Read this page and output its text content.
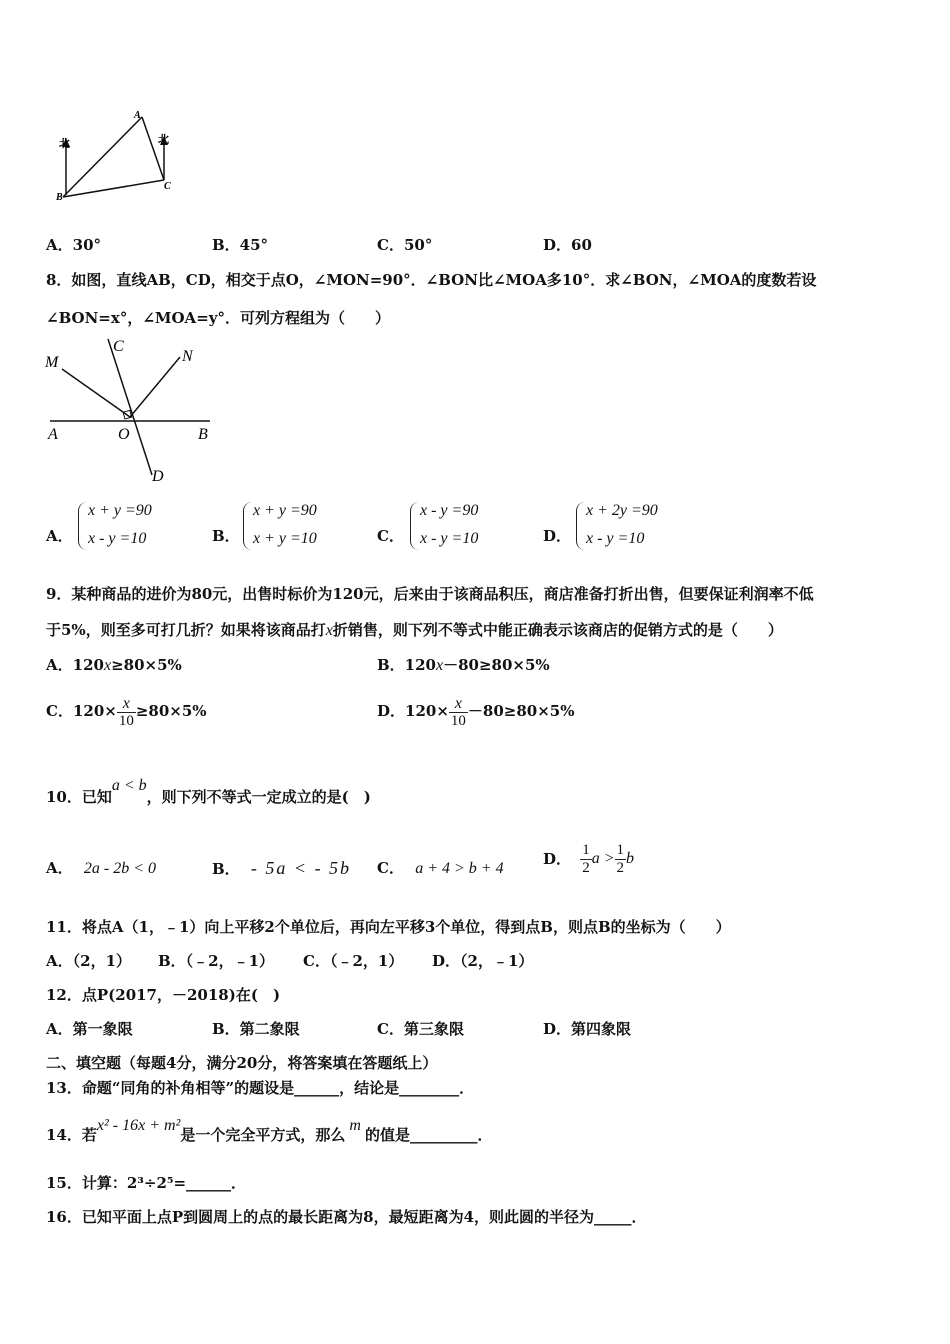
北	北
A
B
C
A．30°	B．45°	C．50°	D．60
8．如图，直线AB，CD，相交于点O，∠MON=90°．∠BON比∠MOA多10°．求∠BON，∠MOA的度数若设
∠BON=x°，∠MOA=y°．可列方程组为（　　）
M
C
N
A	O	B
D
A．
x + y =90
x - y =10	B．
x + y =90
x + y =10	C．
x - y =90
x - y =10	D．
x + 2y =90
x - y =10
9．某种商品的进价为80元，出售时标价为120元，后来由于该商品积压，商店准备打折出售，但要保证利润率不低
于5%，则至多可打几折？如果将该商品打x折销售，则下列不等式中能正确表示该商店的促销方式的是（　　）
A．120x≥80×5%	B．120x－80≥80×5%
C．$120\times \frac{x}{10} \ge 80\times 5\%$	D．$120\times \frac{x}{10} -80\ge 80\times 5\%$
10．已知a < b，则下列不等式一定成立的是(　)
A． 2a - 2b < 0	B． - 5a < - 5b C． a + 4 > b + 4
D． $\frac{1}{2}$ $a > \frac{1}{2}$ b
11．将点A（1，﹣1）向上平移2个单位后，再向左平移3个单位，得到点B，则点B的坐标为（　　）
A．（2，1） B．（﹣2，﹣1） C．（﹣2，1） D．（2，﹣1）
12．点P(2017，－2018)在(　)
A．第一象限	B．第二象限	C．第三象限	D．第四象限
二、填空题（每题4分，满分20分，将答案填在答题纸上）
13．命题“同角的补角相等”的题设是______，结论是________．
14．若x² - 16x + m²是一个完全平方式，那么m的值是_________．
15．计算：2³÷2⁵=______．
16．已知平面上点P到圆周上的点的最长距离为8，最短距离为4，则此圆的半径为_____．
